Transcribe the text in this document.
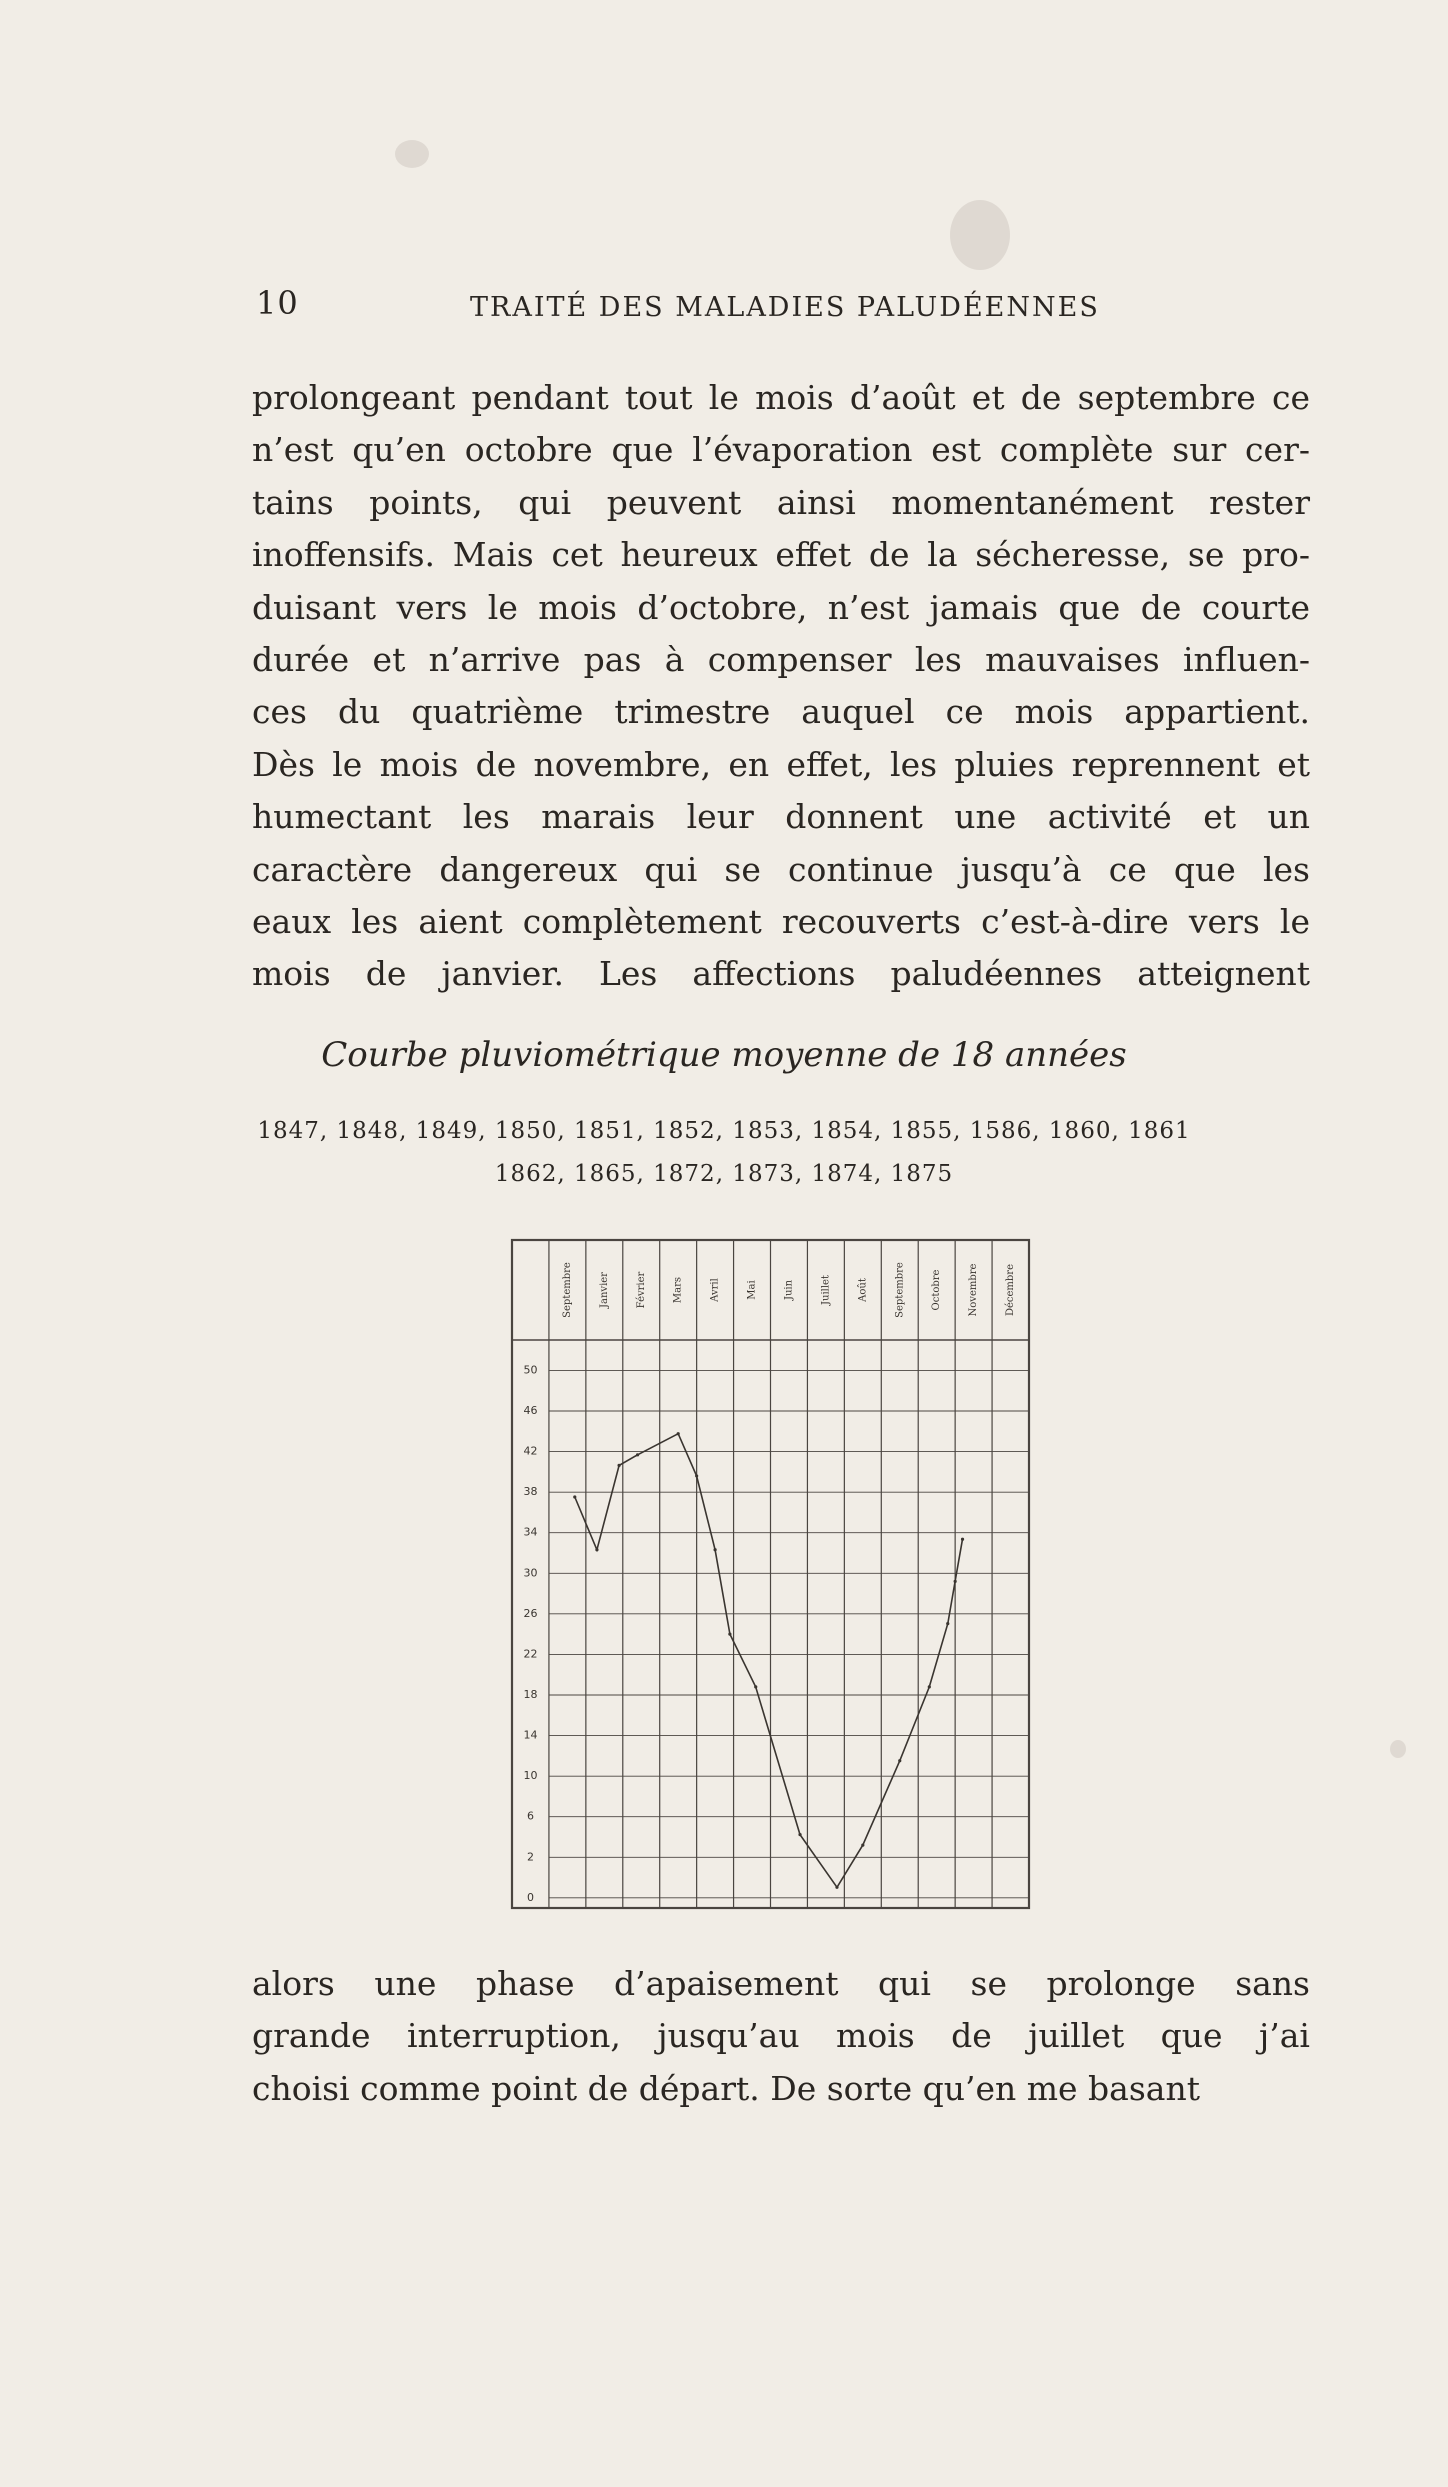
10	TRAITÉ DES MALADIES PALUDÉENNES
prolongeant pendant tout le mois d’août et de septembre ce
n’est qu’en octobre que l’évaporation est complète sur cer-
tains points, qui peuvent ainsi momentanément rester
inoffensifs. Mais cet heureux effet de la sécheresse, se pro-
duisant vers le mois d’octobre, n’est jamais que de courte
durée et n’arrive pas à compenser les mauvaises influen-
ces du quatrième trimestre auquel ce mois appartient.
Dès le mois de novembre, en effet, les pluies reprennent et
humectant les marais leur donnent une activité et un
caractère dangereux qui se continue jusqu’à ce que les
eaux les aient complètement recouverts c’est-à-dire vers le
mois de janvier. Les affections paludéennes atteignent
Courbe pluviométrique moyenne de 18 années
1847, 1848, 1849, 1850, 1851, 1852, 1853, 1854, 1855, 1586, 1860, 1861
1862, 1865, 1872, 1873, 1874, 1875
Septembre	Janvier	Février	Mars	Avril	Mai	Juin	Juillet	Août	Septembre	Octobre	Novembre	Décembre
50
46
42
38
34
30
26
22
18
14
10
6
2
0
alors une phase d’apaisement qui se prolonge sans
grande interruption, jusqu’au mois de juillet que j’ai
choisi comme point de départ. De sorte qu’en me basant
